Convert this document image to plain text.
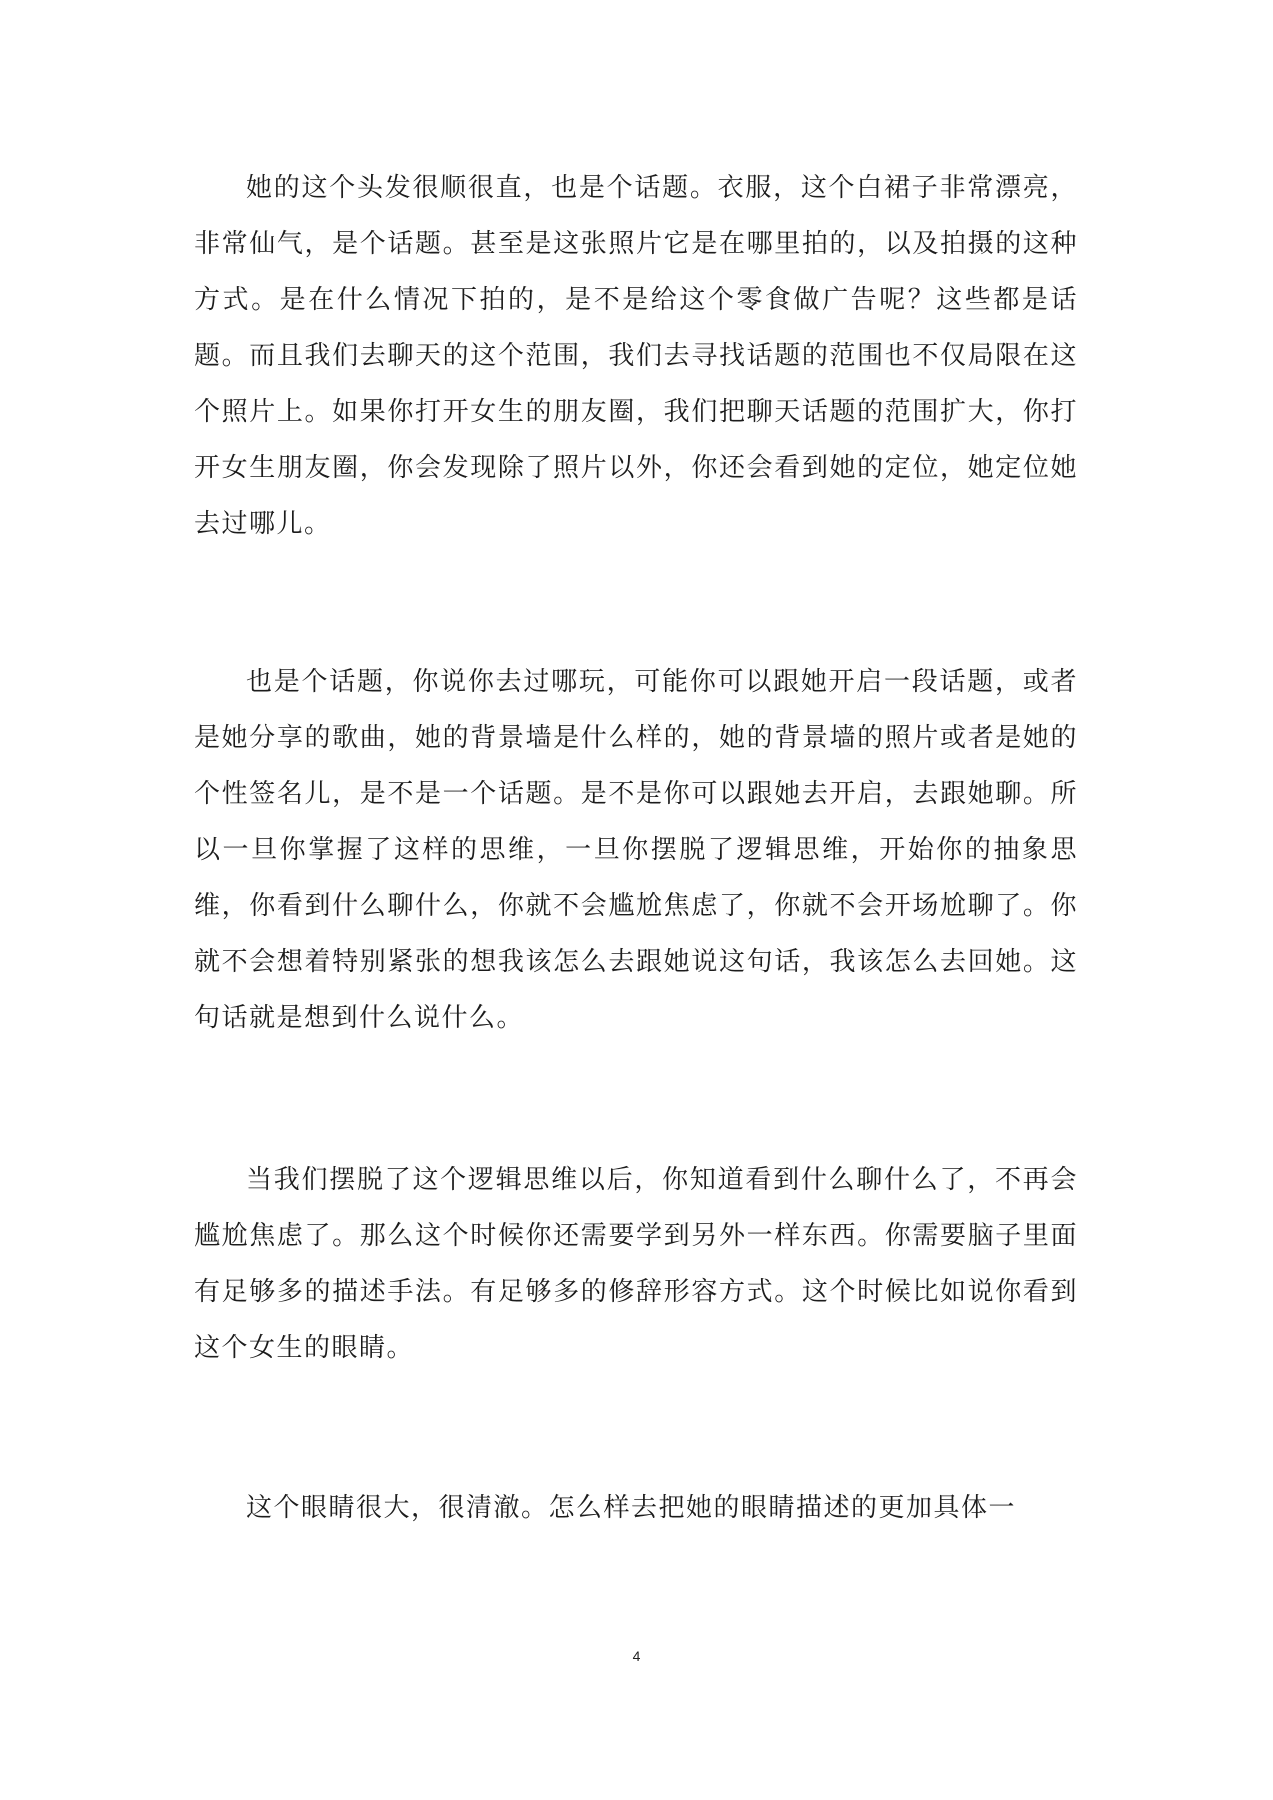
她的这个头发很顺很直，也是个话题。衣服，这个白裙子非常漂亮，非常仙气，是个话题。甚至是这张照片它是在哪里拍的，以及拍摄的这种方式。是在什么情况下拍的，是不是给这个零食做广告呢？这些都是话题。而且我们去聊天的这个范围，我们去寻找话题的范围也不仅局限在这个照片上。如果你打开女生的朋友圈，我们把聊天话题的范围扩大，你打开女生朋友圈，你会发现除了照片以外，你还会看到她的定位，她定位她去过哪儿。

也是个话题，你说你去过哪玩，可能你可以跟她开启一段话题，或者是她分享的歌曲，她的背景墙是什么样的，她的背景墙的照片或者是她的个性签名儿，是不是一个话题。是不是你可以跟她去开启，去跟她聊。所以一旦你掌握了这样的思维，一旦你摆脱了逻辑思维，开始你的抽象思维，你看到什么聊什么，你就不会尴尬焦虑了，你就不会开场尬聊了。你就不会想着特别紧张的想我该怎么去跟她说这句话，我该怎么去回她。这句话就是想到什么说什么。

当我们摆脱了这个逻辑思维以后，你知道看到什么聊什么了，不再会尴尬焦虑了。那么这个时候你还需要学到另外一样东西。你需要脑子里面有足够多的描述手法。有足够多的修辞形容方式。这个时候比如说你看到这个女生的眼睛。

这个眼睛很大，很清澈。怎么样去把她的眼睛描述的更加具体一

4
